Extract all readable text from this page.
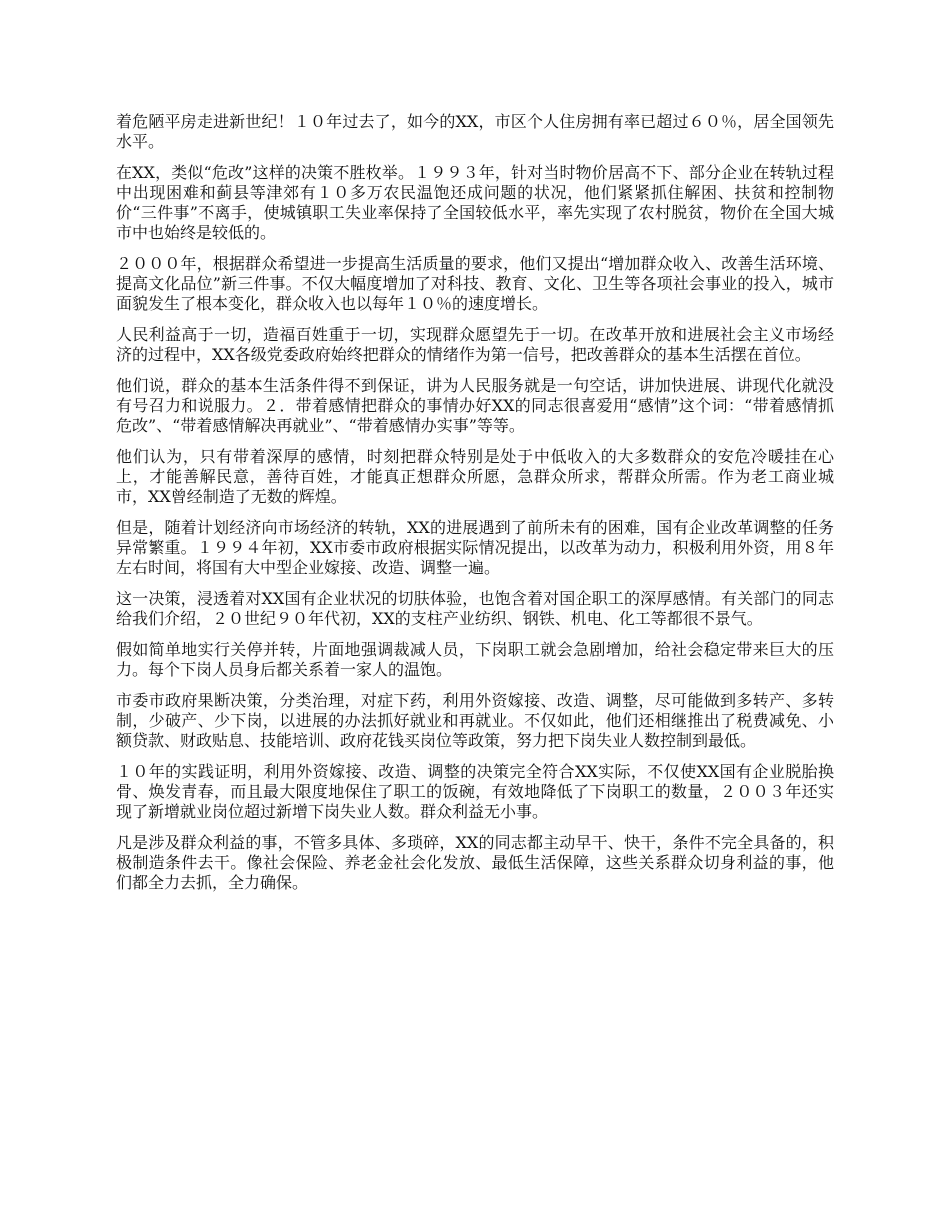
着危陋平房走进新世纪！１０年过去了，如今的XX，市区个人住房拥有率已超过６０％，居全国领先水平。

在XX，类似“危改”这样的决策不胜枚举。１９９３年，针对当时物价居高不下、部分企业在转轨过程中出现困难和蓟县等津郊有１０多万农民温饱还成问题的状况，他们紧紧抓住解困、扶贫和控制物价“三件事”不离手，使城镇职工失业率保持了全国较低水平，率先实现了农村脱贫，物价在全国大城市中也始终是较低的。

２０００年，根据群众希望进一步提高生活质量的要求，他们又提出“增加群众收入、改善生活环境、提高文化品位”新三件事。不仅大幅度增加了对科技、教育、文化、卫生等各项社会事业的投入，城市面貌发生了根本变化，群众收入也以每年１０％的速度增长。

人民利益高于一切，造福百姓重于一切，实现群众愿望先于一切。在改革开放和进展社会主义市场经济的过程中，XX各级党委政府始终把群众的情绪作为第一信号，把改善群众的基本生活摆在首位。

他们说，群众的基本生活条件得不到保证，讲为人民服务就是一句空话，讲加快进展、讲现代化就没有号召力和说服力。２．带着感情把群众的事情办好XX的同志很喜爱用“感情”这个词：“带着感情抓危改”、“带着感情解决再就业”、“带着感情办实事”等等。

他们认为，只有带着深厚的感情，时刻把群众特别是处于中低收入的大多数群众的安危冷暖挂在心上，才能善解民意，善待百姓，才能真正想群众所愿，急群众所求，帮群众所需。作为老工商业城市，XX曾经制造了无数的辉煌。

但是，随着计划经济向市场经济的转轨，XX的进展遇到了前所未有的困难，国有企业改革调整的任务异常繁重。１９９４年初，XX市委市政府根据实际情况提出，以改革为动力，积极利用外资，用８年左右时间，将国有大中型企业嫁接、改造、调整一遍。

这一决策，浸透着对XX国有企业状况的切肤体验，也饱含着对国企职工的深厚感情。有关部门的同志给我们介绍，２０世纪９０年代初，XX的支柱产业纺织、钢铁、机电、化工等都很不景气。

假如简单地实行关停并转，片面地强调裁减人员，下岗职工就会急剧增加，给社会稳定带来巨大的压力。每个下岗人员身后都关系着一家人的温饱。

市委市政府果断决策，分类治理，对症下药，利用外资嫁接、改造、调整，尽可能做到多转产、多转制，少破产、少下岗，以进展的办法抓好就业和再就业。不仅如此，他们还相继推出了税费减免、小额贷款、财政贴息、技能培训、政府花钱买岗位等政策，努力把下岗失业人数控制到最低。

１０年的实践证明，利用外资嫁接、改造、调整的决策完全符合XX实际，不仅使XX国有企业脱胎换骨、焕发青春，而且最大限度地保住了职工的饭碗，有效地降低了下岗职工的数量，２００３年还实现了新增就业岗位超过新增下岗失业人数。群众利益无小事。

凡是涉及群众利益的事，不管多具体、多琐碎，XX的同志都主动早干、快干，条件不完全具备的，积极制造条件去干。像社会保险、养老金社会化发放、最低生活保障，这些关系群众切身利益的事，他们都全力去抓，全力确保。
